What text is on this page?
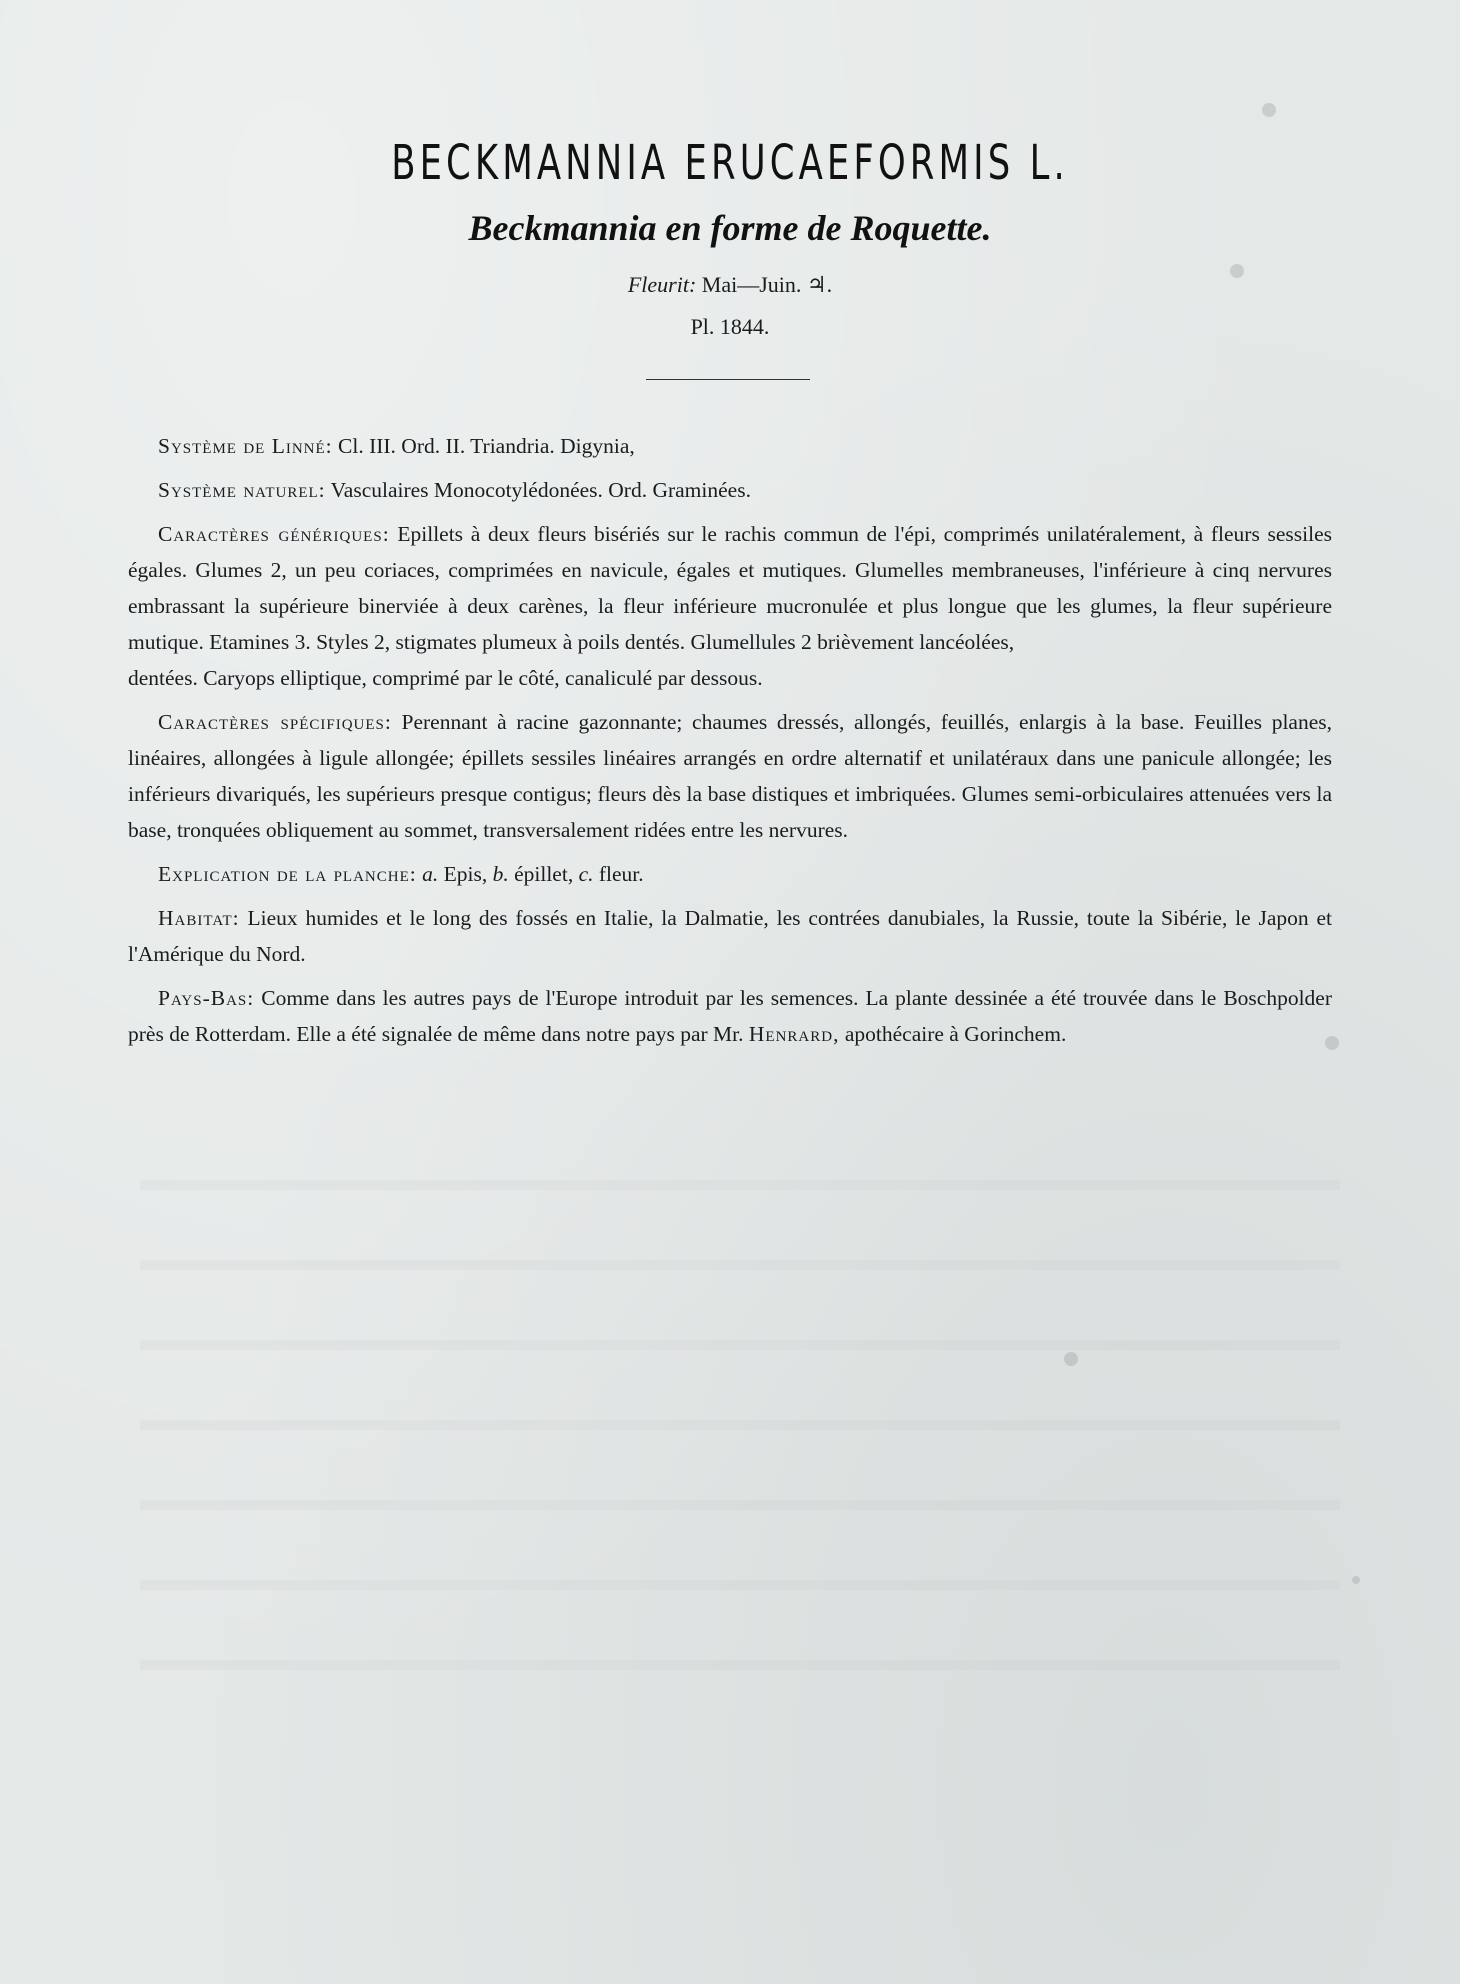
BECKMANNIA ERUCAEFORMIS L.
Beckmannia en forme de Roquette.
Fleurit: Mai—Juin. ♃.
Pl. 1844.

Système de Linné: Cl. III. Ord. II. Triandria. Digynia,

Système naturel: Vasculaires Monocotylédonées. Ord. Graminées.

Caractères génériques: Epillets à deux fleurs bisériés sur le rachis commun de l'épi, comprimés unilatéralement, à fleurs sessiles égales. Glumes 2, un peu coriaces, comprimées en navicule, égales et mutiques. Glumelles membraneuses, l'inférieure à cinq nervures embrassant la supérieure binerviée à deux carènes, la fleur inférieure mucronulée et plus longue que les glumes, la fleur supérieure mutique. Etamines 3. Styles 2, stigmates plumeux à poils dentés. Glumellules 2 brièvement lancéolées,
dentées. Caryops elliptique, comprimé par le côté, canaliculé par dessous.

Caractères spécifiques: Perennant à racine gazonnante; chaumes dressés, allongés, feuillés, enlargis à la base. Feuilles planes, linéaires, allongées à ligule allongée; épillets sessiles linéaires arrangés en ordre alternatif et unilatéraux dans une panicule allongée; les inférieurs divariqués, les supérieurs presque contigus; fleurs dès la base distiques et imbriquées. Glumes semi-orbiculaires attenuées vers la base, tronquées obliquement au sommet, transversalement ridées entre les nervures.

Explication de la planche: a. Epis, b. épillet, c. fleur.

Habitat: Lieux humides et le long des fossés en Italie, la Dalmatie, les contrées danubiales, la Russie, toute la Sibérie, le Japon et l'Amérique du Nord.

Pays-Bas: Comme dans les autres pays de l'Europe introduit par les semences. La plante dessinée a été trouvée dans le Boschpolder près de Rotterdam. Elle a été signalée de même dans notre pays par Mr. Henrard, apothécaire à Gorinchem.
